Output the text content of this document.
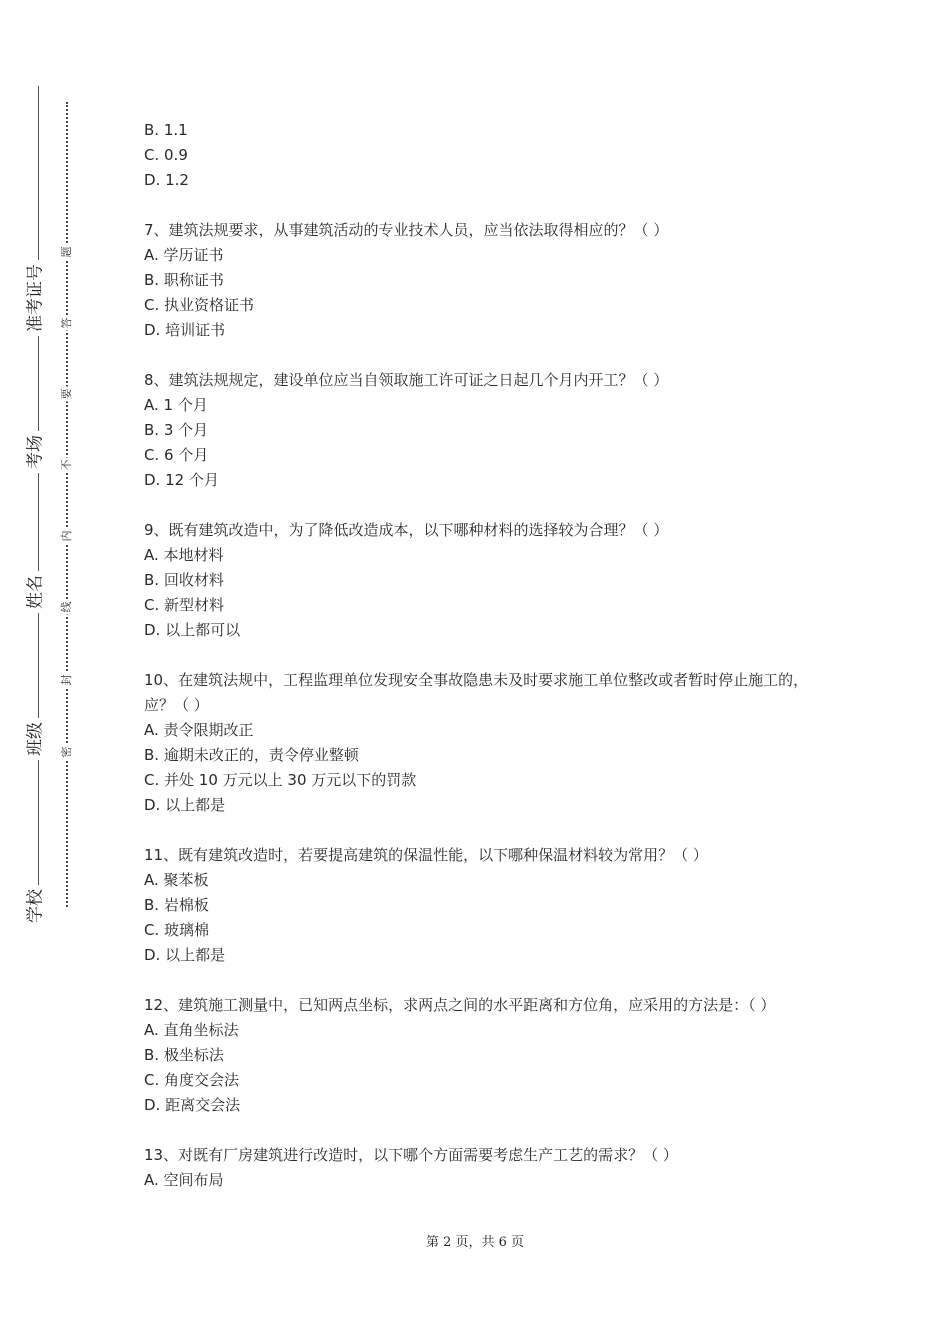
准考证号
考场
姓名
班级
学校
题
答
要
不
内
线
封
密
B. 1.1
C. 0.9
D. 1.2

7、建筑法规要求，从事建筑活动的专业技术人员，应当依法取得相应的？（ ）

A. 学历证书
B. 职称证书
C. 执业资格证书
D. 培训证书

8、建筑法规规定，建设单位应当自领取施工许可证之日起几个月内开工？（ ）

A. 1 个月
B. 3 个月
C. 6 个月
D. 12 个月

9、既有建筑改造中，为了降低改造成本，以下哪种材料的选择较为合理？（ ）

A. 本地材料
B. 回收材料
C. 新型材料
D. 以上都可以

10、在建筑法规中，工程监理单位发现安全事故隐患未及时要求施工单位整改或者暂时停止施工的，应？（ ）

A. 责令限期改正
B. 逾期未改正的，责令停业整顿
C. 并处 10 万元以上 30 万元以下的罚款
D. 以上都是

11、既有建筑改造时，若要提高建筑的保温性能，以下哪种保温材料较为常用？（ ）

A. 聚苯板
B. 岩棉板
C. 玻璃棉
D. 以上都是

12、建筑施工测量中，已知两点坐标，求两点之间的水平距离和方位角，应采用的方法是：（ ）

A. 直角坐标法
B. 极坐标法
C. 角度交会法
D. 距离交会法

13、对既有厂房建筑进行改造时，以下哪个方面需要考虑生产工艺的需求？（ ）

A. 空间布局
第 2 页，共 6 页
